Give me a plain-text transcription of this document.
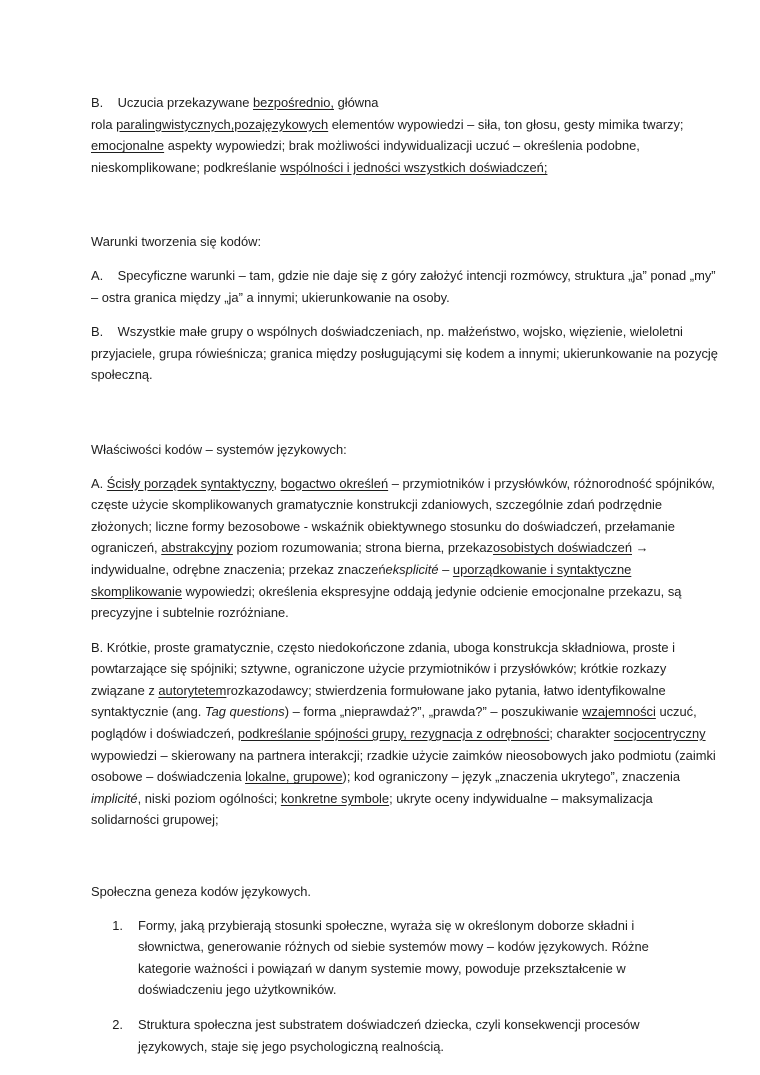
B. Uczucia przekazywane bezpośrednio, główna
rola paralingwistycznych,pozajęzykowych elementów wypowiedzi – siła, ton głosu, gesty mimika twarzy; emocjonalne aspekty wypowiedzi; brak możliwości indywidualizacji uczuć – określenia podobne, nieskomplikowane; podkreślanie wspólności i jedności wszystkich doświadczeń;

Warunki tworzenia się kodów:

A. Specyficzne warunki – tam, gdzie nie daje się z góry założyć intencji rozmówcy, struktura „ja” ponad „my” – ostra granica między „ja” a innymi; ukierunkowanie na osoby.

B. Wszystkie małe grupy o wspólnych doświadczeniach, np. małżeństwo, wojsko, więzienie, wieloletni przyjaciele, grupa rówieśnicza; granica między posługującymi się kodem a innymi; ukierunkowanie na pozycję społeczną.

Właściwości kodów – systemów językowych:

A. Ścisły porządek syntaktyczny, bogactwo określeń – przymiotników i przysłówków, różnorodność spójników, częste użycie skomplikowanych gramatycznie konstrukcji zdaniowych, szczególnie zdań podrzędnie złożonych; liczne formy bezosobowe - wskaźnik obiektywnego stosunku do doświadczeń, przełamanie ograniczeń, abstrakcyjny poziom rozumowania; strona bierna, przekazosobistych doświadczeń → indywidualne, odrębne znaczenia; przekaz znaczeńeksplicité – uporządkowanie i syntaktyczne skomplikowanie wypowiedzi; określenia ekspresyjne oddają jedynie odcienie emocjonalne przekazu, są precyzyjne i subtelnie rozróżniane.

B. Krótkie, proste gramatycznie, często niedokończone zdania, uboga konstrukcja składniowa, proste i powtarzające się spójniki; sztywne, ograniczone użycie przymiotników i przysłówków; krótkie rozkazy związane z autorytetemrozkazodawcy; stwierdzenia formułowane jako pytania, łatwo identyfikowalne syntaktycznie (ang. Tag questions) – forma „nieprawdaż?”, „prawda?” – poszukiwanie wzajemności uczuć, poglądów i doświadczeń, podkreślanie spójności grupy, rezygnacja z odrębności; charakter socjocentryczny wypowiedzi – skierowany na partnera interakcji; rzadkie użycie zaimków nieosobowych jako podmiotu (zaimki osobowe – doświadczenia lokalne, grupowe); kod ograniczony – język „znaczenia ukrytego”, znaczenia implicité, niski poziom ogólności; konkretne symbole; ukryte oceny indywidualne – maksymalizacja solidarności grupowej;

Społeczna geneza kodów językowych.

1.	Formy, jaką przybierają stosunki społeczne, wyraża się w określonym doborze składni i słownictwa, generowanie różnych od siebie systemów mowy – kodów językowych. Różne kategorie ważności i powiązań w danym systemie mowy, powoduje przekształcenie w doświadczeniu jego użytkowników.
2.	Struktura społeczna jest substratem doświadczeń dziecka, czyli konsekwencji procesów językowych, staje się jego psychologiczną realnością.
